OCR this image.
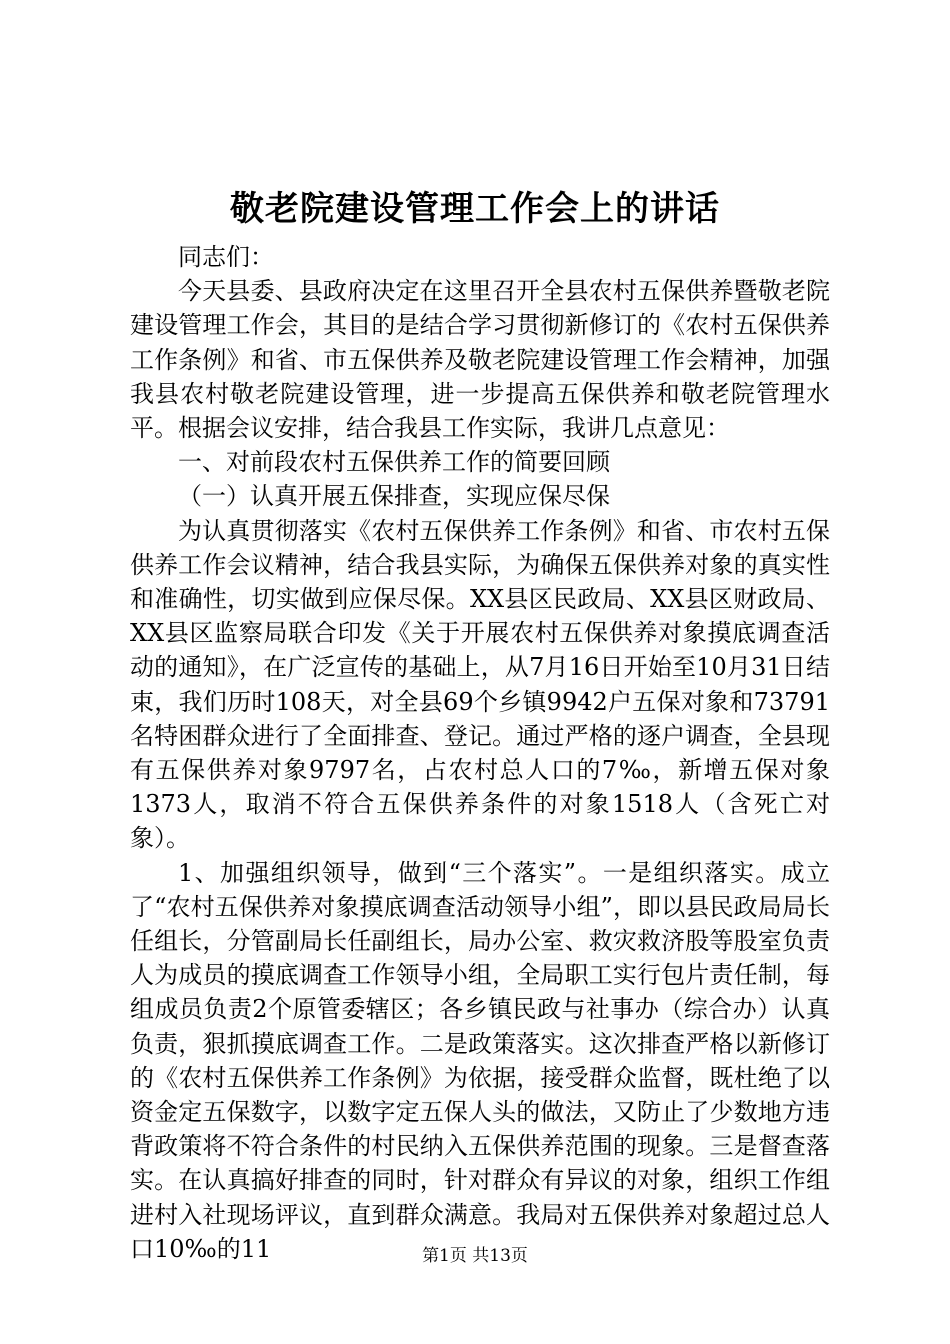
敬老院建设管理工作会上的讲话

同志们：

今天县委、县政府决定在这里召开全县农村五保供养暨敬老院建设管理工作会，其目的是结合学习贯彻新修订的《农村五保供养工作条例》和省、市五保供养及敬老院建设管理工作会精神，加强我县农村敬老院建设管理，进一步提高五保供养和敬老院管理水平。根据会议安排，结合我县工作实际，我讲几点意见：

一、对前段农村五保供养工作的简要回顾

（一）认真开展五保排查，实现应保尽保

为认真贯彻落实《农村五保供养工作条例》和省、市农村五保供养工作会议精神，结合我县实际，为确保五保供养对象的真实性和准确性，切实做到应保尽保。XX县区民政局、XX县区财政局、XX县区监察局联合印发《关于开展农村五保供养对象摸底调查活动的通知》，在广泛宣传的基础上，从7月16日开始至10月31日结束，我们历时108天，对全县69个乡镇9942户五保对象和73791名特困群众进行了全面排查、登记。通过严格的逐户调查，全县现有五保供养对象9797名，占农村总人口的7‰，新增五保对象1373人，取消不符合五保供养条件的对象1518人（含死亡对象）。

1、加强组织领导，做到“三个落实”。一是组织落实。成立了“农村五保供养对象摸底调查活动领导小组”，即以县民政局局长任组长，分管副局长任副组长，局办公室、救灾救济股等股室负责人为成员的摸底调查工作领导小组，全局职工实行包片责任制，每组成员负责2个原管委辖区；各乡镇民政与社事办（综合办）认真负责，狠抓摸底调查工作。二是政策落实。这次排查严格以新修订的《农村五保供养工作条例》为依据，接受群众监督，既杜绝了以资金定五保数字，以数字定五保人头的做法，又防止了少数地方违背政策将不符合条件的村民纳入五保供养范围的现象。三是督查落实。在认真搞好排查的同时，针对群众有异议的对象，组织工作组进村入社现场评议，直到群众满意。我局对五保供养对象超过总人口10‰的11	第1页 共13页
